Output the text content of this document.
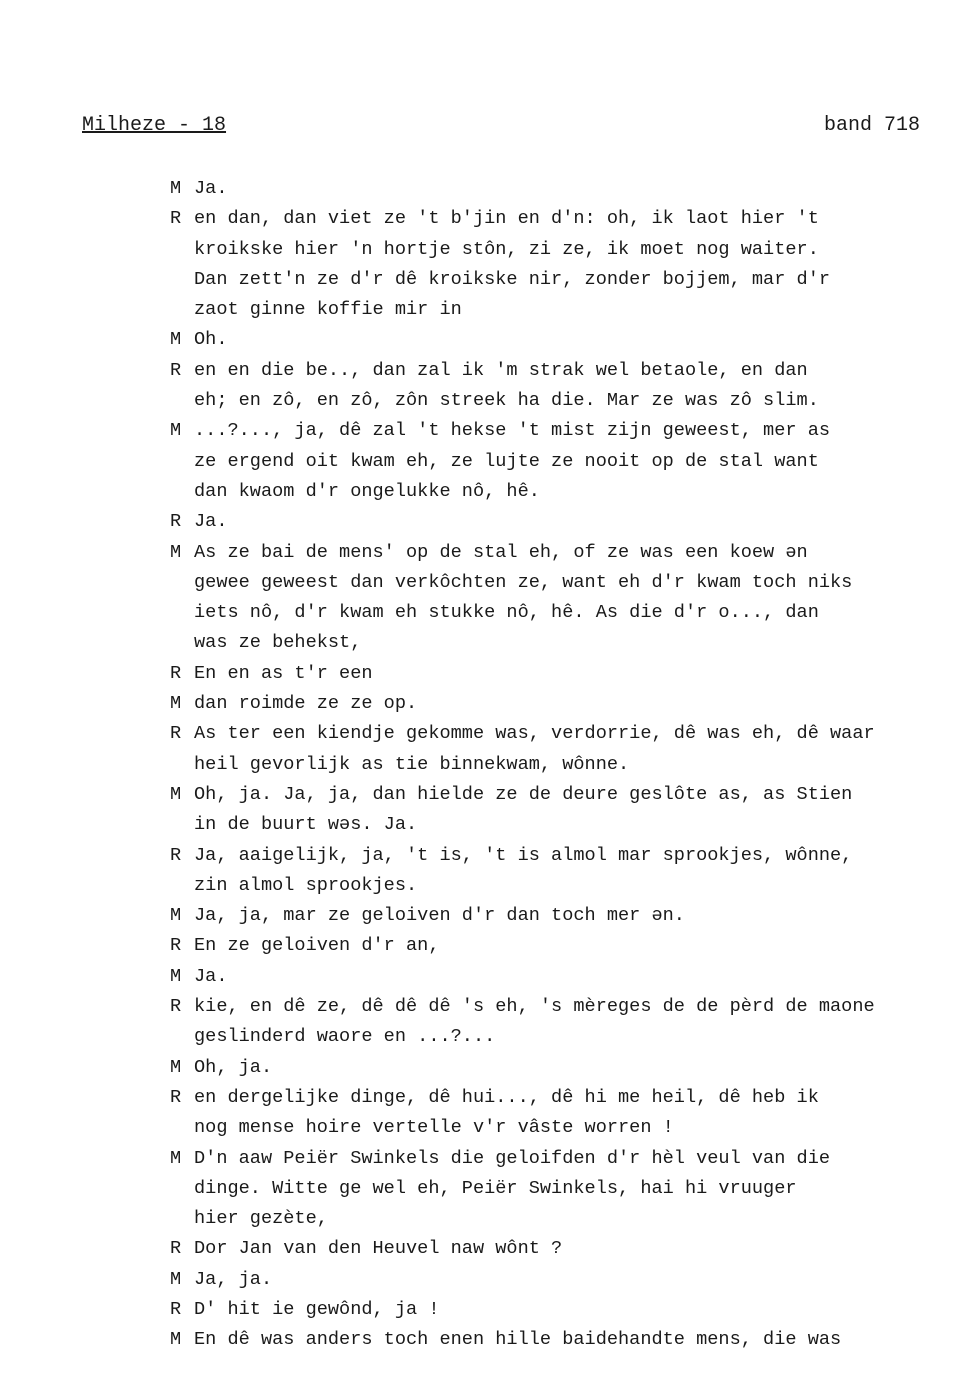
Milheze - 18	band 718
M Ja.
R en dan, dan viet ze 't b'jin en d'n: oh, ik laot hier 't
kroikske hier 'n hortje stôn, zi ze, ik moet nog waiter.
Dan zett'n ze d'r dê kroikske nir, zonder bojjem, mar d'r
zaot ginne koffie mir in
M Oh.
R en en die be.., dan zal ik 'm strak wel betaole, en dan
eh; en zô, en zô, zôn streek ha die. Mar ze was zô slim.
M ...?..., ja, dê zal 't hekse 't mist zijn geweest, mer as
ze ergend oit kwam eh, ze lujte ze nooit op de stal want
dan kwaom d'r ongelukke nô, hê.
R Ja.
M As ze bai de mens' op de stal eh, of ze was een koew ən
gewee geweest dan verkôchten ze, want eh d'r kwam toch niks
iets nô, d'r kwam eh stukke nô, hê. As die d'r o..., dan
was ze behekst,
R En en as t'r een
M dan roimde ze ze op.
R As ter een kiendje gekomme was, verdorrie, dê was eh, dê waar
heil gevorlijk as tie binnekwam, wônne.
M Oh, ja. Ja, ja, dan hielde ze de deure geslôte as, as Stien
in de buurt wəs. Ja.
R Ja, aaigelijk, ja, 't is, 't is almol mar sprookjes, wônne,
zin almol sprookjes.
M Ja, ja, mar ze geloiven d'r dan toch mer ən.
R En ze geloiven d'r an,
M Ja.
R kie, en dê ze, dê dê dê 's eh, 's mèreges de de pèrd de maone
geslinderd waore en ...?...
M Oh, ja.
R en dergelijke dinge, dê hui..., dê hi me heil, dê heb ik
nog mense hoire vertelle v'r vâste worren !
M D'n aaw Peiër Swinkels die geloifden d'r hèl veul van die
dinge. Witte ge wel eh, Peiër Swinkels, hai hi vruuger
hier gezète,
R Dor Jan van den Heuvel naw wônt ?
M Ja, ja.
R D' hit ie gewônd, ja !
M En dê was anders toch enen hille baidehandte mens, die was
